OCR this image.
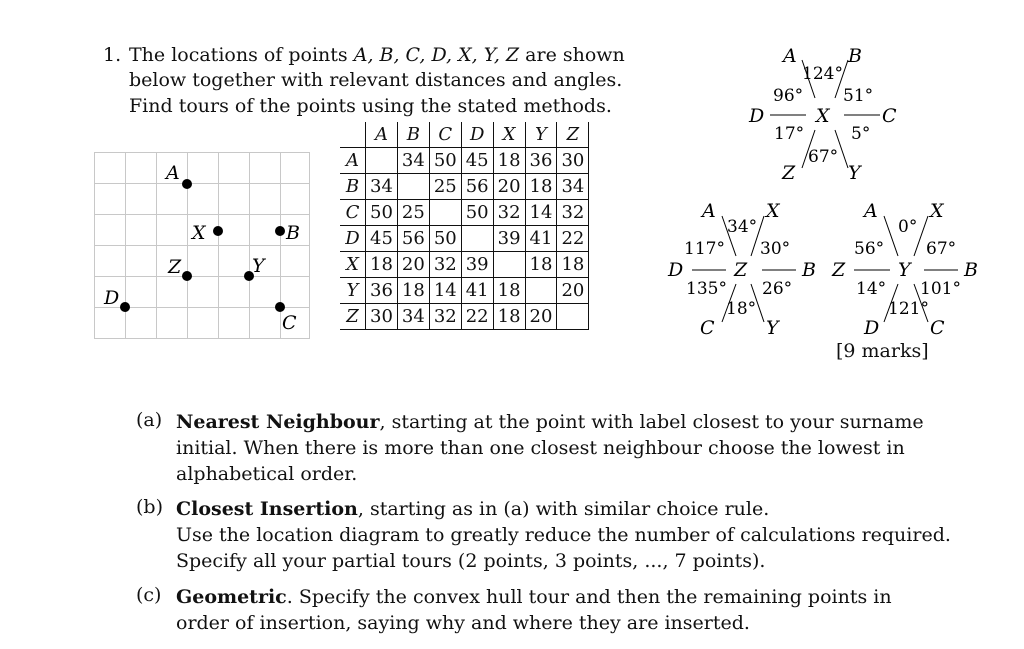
1. The locations of points A, B, C, D, X, Y, Z are shown
below together with relevant distances and angles.
Find tours of the points using the stated methods.
A
B
C
D
X
Y
Z
	A	B	C	D	X	Y	Z
A		34	50	45	18	36	30
B	34		25	56	20	18	34
C	50	25		50	32	14	32
D	45	56	50		39	41	22
X	18	20	32	39		18	18
Y	36	18	14	41	18		20
Z	30	34	32	22	18	20	
A	B
D	X	C
Z	Y
124°
96° 51°
17°	5°
67°
A	X
D	Z	B
C	Y
34°
117° 30°
135° 26°
18°
A	X
Z	Y	B
D	C
0°
56° 67°
14° 101°
121°
[9 marks]
(a) Nearest Neighbour, starting at the point with label closest to your surname
initial. When there is more than one closest neighbour choose the lowest in
alphabetical order.
(b) Closest Insertion, starting as in (a) with similar choice rule.
Use the location diagram to greatly reduce the number of calculations required.
Specify all your partial tours (2 points, 3 points, ..., 7 points).
(c) Geometric. Specify the convex hull tour and then the remaining points in
order of insertion, saying why and where they are inserted.
